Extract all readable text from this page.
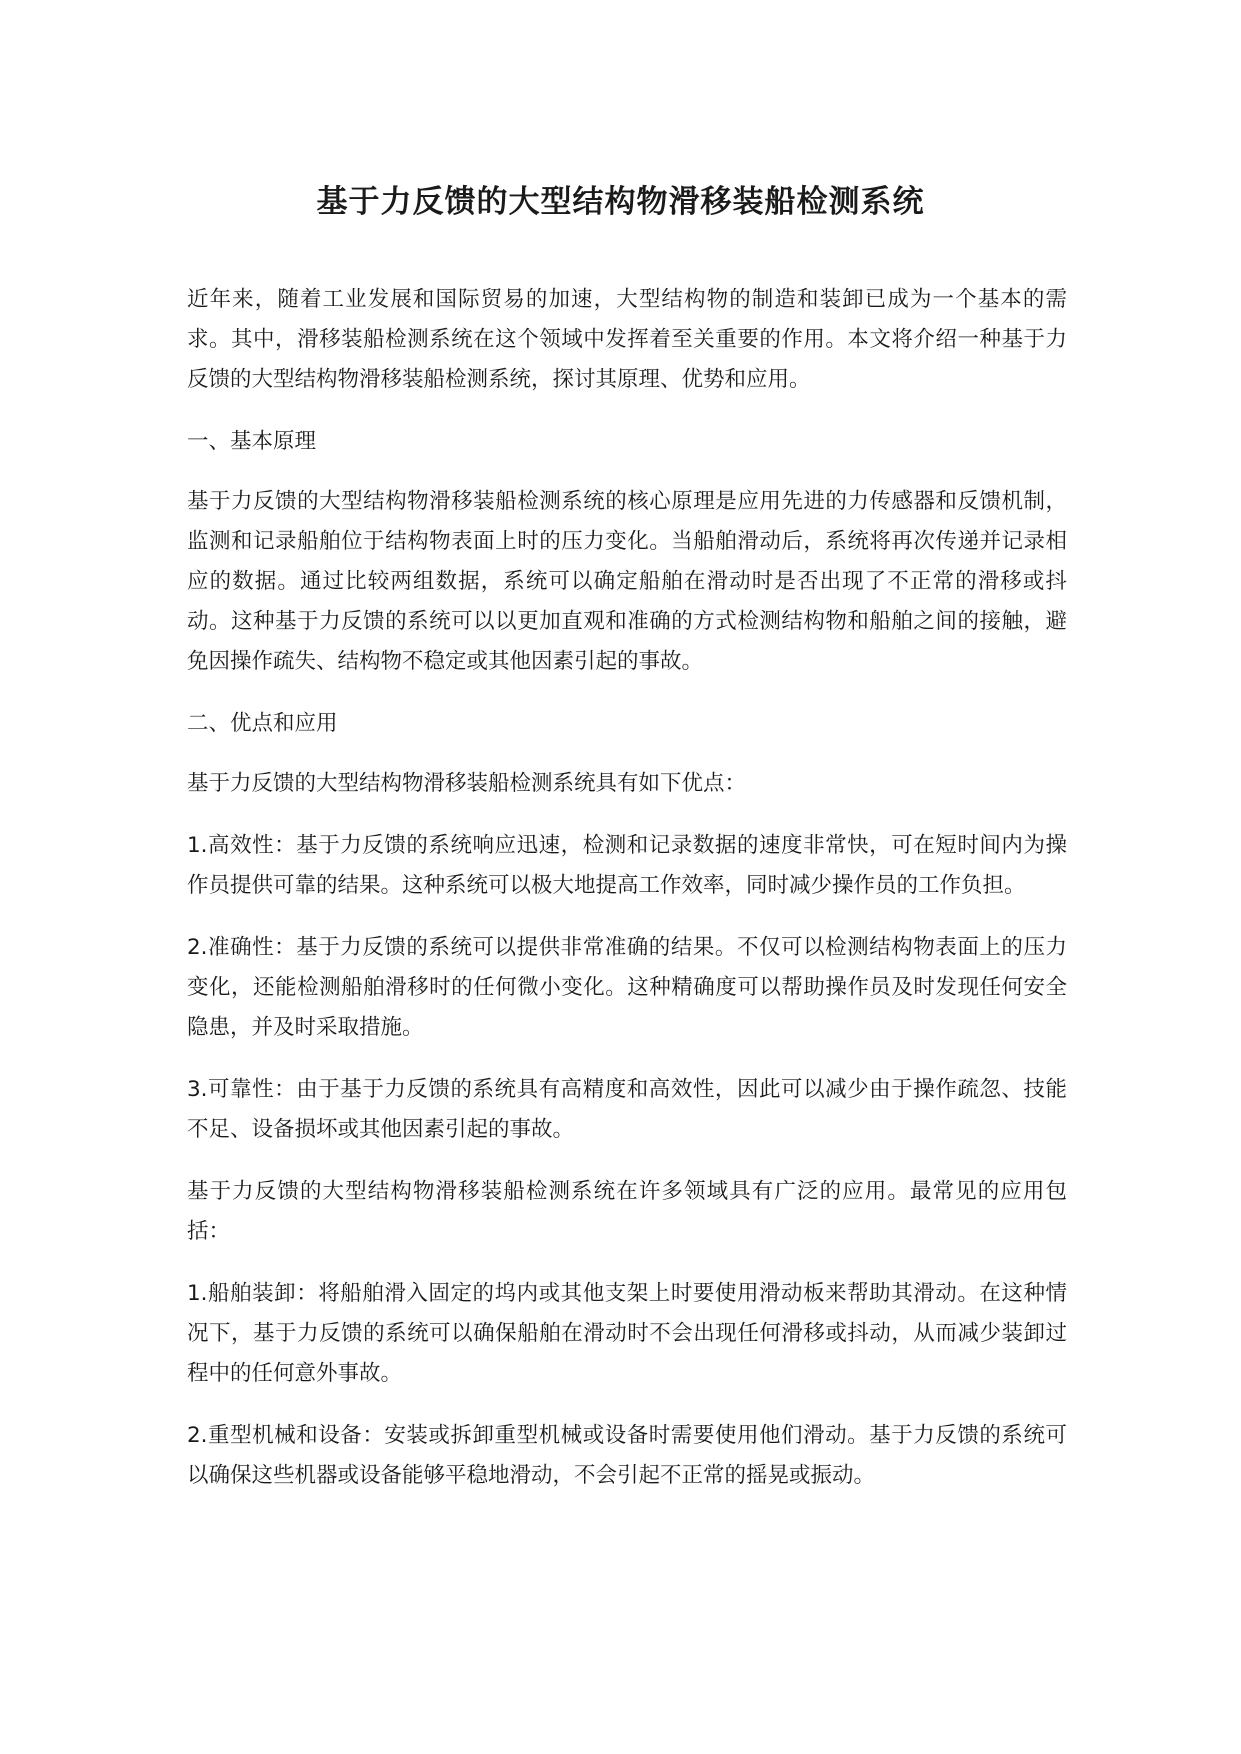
基于力反馈的大型结构物滑移装船检测系统

近年来，随着工业发展和国际贸易的加速，大型结构物的制造和装卸已成为一个基本的需求。其中，滑移装船检测系统在这个领域中发挥着至关重要的作用。本文将介绍一种基于力反馈的大型结构物滑移装船检测系统，探讨其原理、优势和应用。

一、基本原理

基于力反馈的大型结构物滑移装船检测系统的核心原理是应用先进的力传感器和反馈机制，监测和记录船舶位于结构物表面上时的压力变化。当船舶滑动后，系统将再次传递并记录相应的数据。通过比较两组数据，系统可以确定船舶在滑动时是否出现了不正常的滑移或抖动。这种基于力反馈的系统可以以更加直观和准确的方式检测结构物和船舶之间的接触，避免因操作疏失、结构物不稳定或其他因素引起的事故。

二、优点和应用

基于力反馈的大型结构物滑移装船检测系统具有如下优点：

1.高效性：基于力反馈的系统响应迅速，检测和记录数据的速度非常快，可在短时间内为操作员提供可靠的结果。这种系统可以极大地提高工作效率，同时减少操作员的工作负担。

2.准确性：基于力反馈的系统可以提供非常准确的结果。不仅可以检测结构物表面上的压力变化，还能检测船舶滑移时的任何微小变化。这种精确度可以帮助操作员及时发现任何安全隐患，并及时采取措施。

3.可靠性：由于基于力反馈的系统具有高精度和高效性，因此可以减少由于操作疏忽、技能不足、设备损坏或其他因素引起的事故。

基于力反馈的大型结构物滑移装船检测系统在许多领域具有广泛的应用。最常见的应用包括：

1.船舶装卸：将船舶滑入固定的坞内或其他支架上时要使用滑动板来帮助其滑动。在这种情况下，基于力反馈的系统可以确保船舶在滑动时不会出现任何滑移或抖动，从而减少装卸过程中的任何意外事故。

2.重型机械和设备：安装或拆卸重型机械或设备时需要使用他们滑动。基于力反馈的系统可以确保这些机器或设备能够平稳地滑动，不会引起不正常的摇晃或振动。
